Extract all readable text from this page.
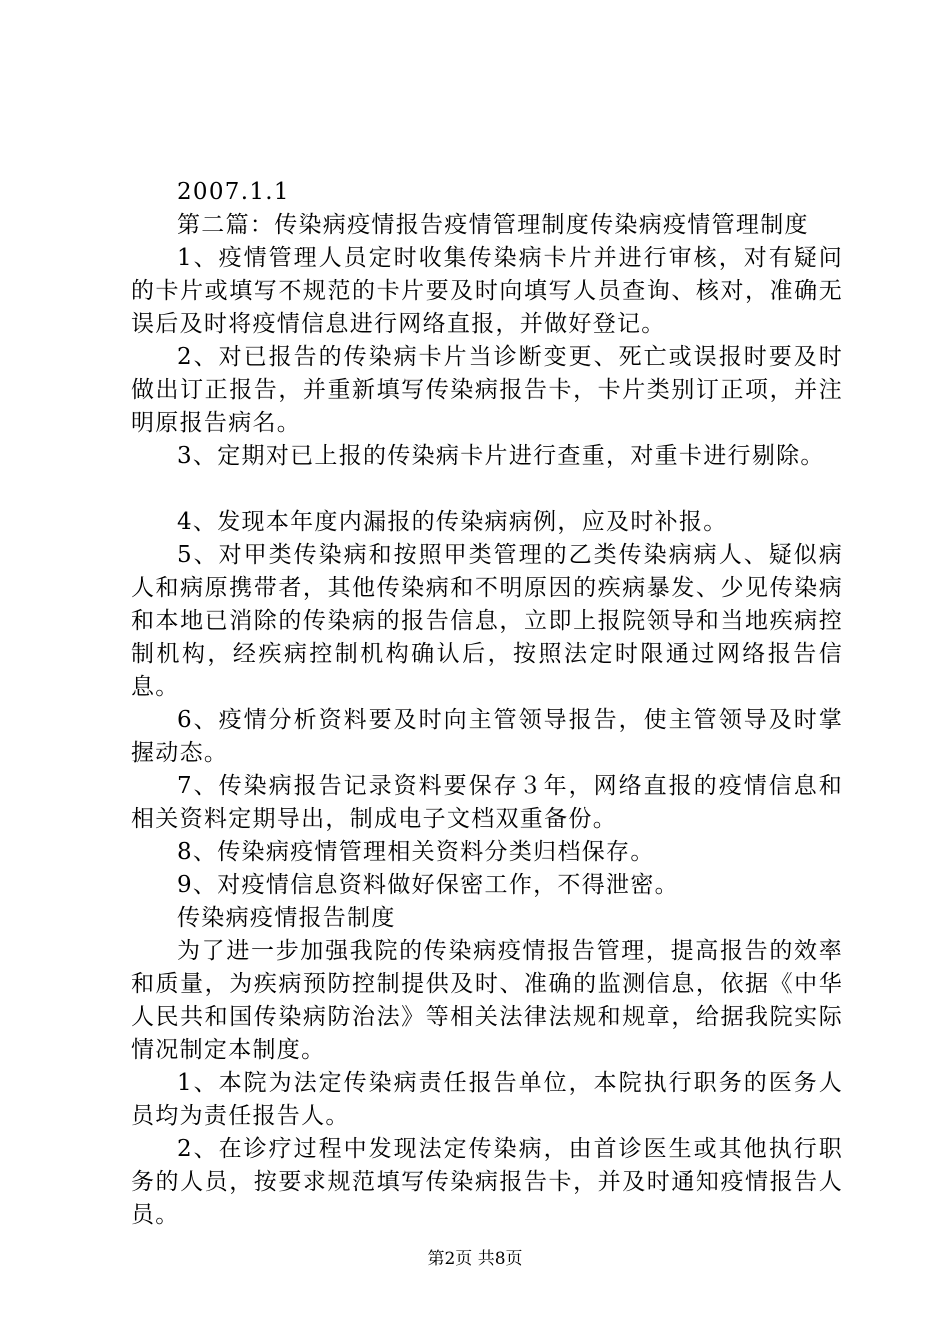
2007.1.1

第二篇：传染病疫情报告疫情管理制度传染病疫情管理制度

1、疫情管理人员定时收集传染病卡片并进行审核，对有疑问的卡片或填写不规范的卡片要及时向填写人员查询、核对，准确无误后及时将疫情信息进行网络直报，并做好登记。

2、对已报告的传染病卡片当诊断变更、死亡或误报时要及时做出订正报告，并重新填写传染病报告卡，卡片类别订正项，并注明原报告病名。

3、定期对已上报的传染病卡片进行查重，对重卡进行剔除。

4、发现本年度内漏报的传染病病例，应及时补报。

5、对甲类传染病和按照甲类管理的乙类传染病病人、疑似病人和病原携带者，其他传染病和不明原因的疾病暴发、少见传染病和本地已消除的传染病的报告信息，立即上报院领导和当地疾病控制机构，经疾病控制机构确认后，按照法定时限通过网络报告信息。

6、疫情分析资料要及时向主管领导报告，使主管领导及时掌握动态。

7、传染病报告记录资料要保存３年，网络直报的疫情信息和相关资料定期导出，制成电子文档双重备份。

8、传染病疫情管理相关资料分类归档保存。

9、对疫情信息资料做好保密工作，不得泄密。

传染病疫情报告制度

为了进一步加强我院的传染病疫情报告管理，提高报告的效率和质量，为疾病预防控制提供及时、准确的监测信息，依据《中华人民共和国传染病防治法》等相关法律法规和规章，给据我院实际情况制定本制度。

1、本院为法定传染病责任报告单位，本院执行职务的医务人员均为责任报告人。

2、在诊疗过程中发现法定传染病，由首诊医生或其他执行职务的人员，按要求规范填写传染病报告卡，并及时通知疫情报告人员。

第2页 共8页
